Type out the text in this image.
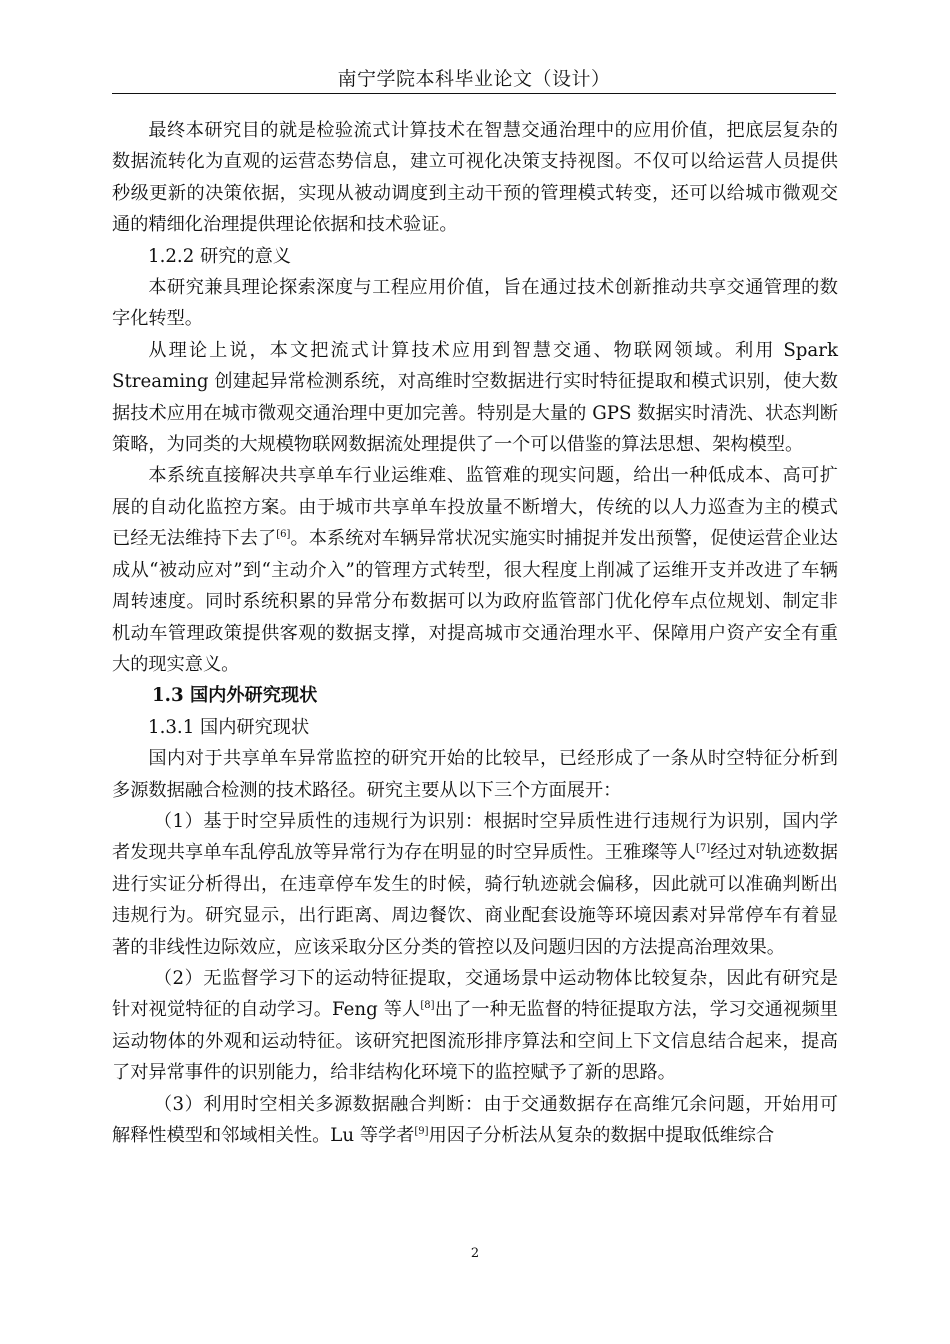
南宁学院本科毕业论文（设计）

最终本研究目的就是检验流式计算技术在智慧交通治理中的应用价值，把底层复杂的数据流转化为直观的运营态势信息，建立可视化决策支持视图。不仅可以给运营人员提供秒级更新的决策依据，实现从被动调度到主动干预的管理模式转变，还可以给城市微观交通的精细化治理提供理论依据和技术验证。

1.2.2 研究的意义

本研究兼具理论探索深度与工程应用价值，旨在通过技术创新推动共享交通管理的数字化转型。

从理论上说，本文把流式计算技术应用到智慧交通、物联网领域。利用 Spark Streaming 创建起异常检测系统，对高维时空数据进行实时特征提取和模式识别，使大数据技术应用在城市微观交通治理中更加完善。特别是大量的 GPS 数据实时清洗、状态判断策略，为同类的大规模物联网数据流处理提供了一个可以借鉴的算法思想、架构模型。

本系统直接解决共享单车行业运维难、监管难的现实问题，给出一种低成本、高可扩展的自动化监控方案。由于城市共享单车投放量不断增大，传统的以人力巡查为主的模式已经无法维持下去了[6]。本系统对车辆异常状况实施实时捕捉并发出预警，促使运营企业达成从“被动应对”到“主动介入”的管理方式转型，很大程度上削减了运维开支并改进了车辆周转速度。同时系统积累的异常分布数据可以为政府监管部门优化停车点位规划、制定非机动车管理政策提供客观的数据支撑，对提高城市交通治理水平、保障用户资产安全有重大的现实意义。

1.3 国内外研究现状

1.3.1 国内研究现状

国内对于共享单车异常监控的研究开始的比较早，已经形成了一条从时空特征分析到多源数据融合检测的技术路径。研究主要从以下三个方面展开：

（1）基于时空异质性的违规行为识别：根据时空异质性进行违规行为识别，国内学者发现共享单车乱停乱放等异常行为存在明显的时空异质性。王雅璨等人[7]经过对轨迹数据进行实证分析得出，在违章停车发生的时候，骑行轨迹就会偏移，因此就可以准确判断出违规行为。研究显示，出行距离、周边餐饮、商业配套设施等环境因素对异常停车有着显著的非线性边际效应，应该采取分区分类的管控以及问题归因的方法提高治理效果。

（2）无监督学习下的运动特征提取，交通场景中运动物体比较复杂，因此有研究是针对视觉特征的自动学习。Feng 等人[8]出了一种无监督的特征提取方法，学习交通视频里运动物体的外观和运动特征。该研究把图流形排序算法和空间上下文信息结合起来，提高了对异常事件的识别能力，给非结构化环境下的监控赋予了新的思路。

（3）利用时空相关多源数据融合判断：由于交通数据存在高维冗余问题，开始用可解释性模型和邻域相关性。Lu 等学者[9]用因子分析法从复杂的数据中提取低维综合

2
